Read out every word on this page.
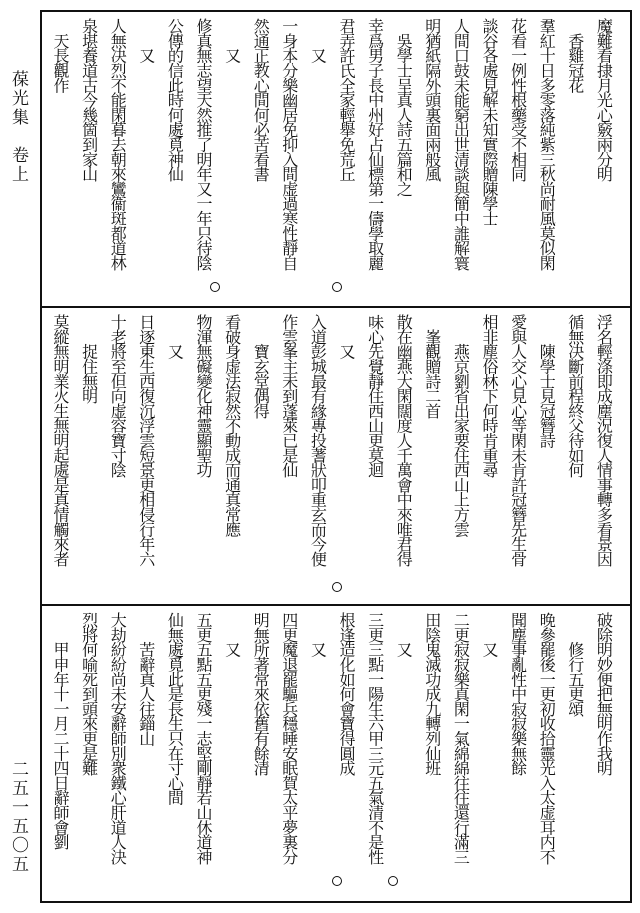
葆光集　卷上
二五一五〇五
魔難看捸月光心竅兩分明
　香雞冠花
羣紅十日多零落純紫三秋尚耐風莫似閑
花看一例性根藥受不相同
談谷各處見解未知實際贈陳學士
人間口鼓未能窮出世清談與簡中誰解寰
明猶紙隔外頭裏面兩般風
　吳學士呈真人詩五篇和之
幸爲男子長中州好占仙標第一儔學取麗
君弄許氏全家輕舉免荒丘
　　又
一身本分樂幽居免抑入間虚過寒性靜自
然通正教心間何必苦看書
　　又
修真無志望天然推了明年又一年只待陰
公傳的信此時何處覓神仙
　　又
人無决烈不能閑暮去朝來鸞衞斑都道林
泉堪養道古今幾箇到家山
　天長觀作
浮名輕涤即成塵況復人情事轉多看景因
循無决斷前程終父待如何
　　陳學士見冠簪詩
愛與人交心見心等閑未肯許冠簪先生骨
相非塵俗林下何時肯重尋
　　燕京劉省出家要住西山上方雲
　峯觀贈詩二首
散在幽燕大閑闊度人千萬會中來唯君得
味心先覺靜住西山更莫迴
　　又
入道彭城最有緣專投蓍狀叩重玄而今便
作雲峯主未到蓬萊已是仙
　　寶玄堂偶得
看破身虚法寂然不動成而通真常應
物渾無礙變化神靈顯聖功
　　又
日逐東生西復沉浮雲短景更相侵行年六
十老將至但向虚容寶寸陰
　　捉住無明
莫縱無明業火生無明起處是真情觸來者
破除明妙便把無明作我明
　　修行五更頌
晚參罷後一更初收拾靈光入太虚耳内不
聞塵事亂性中寂寂樂無餘
　　又
二更寂寂樂真閑一氣綿綿往往還行滿三
田陰鬼滅功成九轉列仙班
　　又
三更三點一陽生六甲三元五氣清不是性
根逢造化如何會寶得圓成
　　又
四更魔退罷驅兵穩睡安眠賀太平夢裏分
明無所著常來依舊有餘清
　　又
五更五點五更殘一志堅剛靜若山休道神
仙無處覓此是長生只在寸心間
　　苦辭真人往錙山
大劫紛紛尚未安辭師別衆鐵心肝道人決
烈將何喻死到頭來更是難
　　甲申年十一月二十四日辭師會劉
